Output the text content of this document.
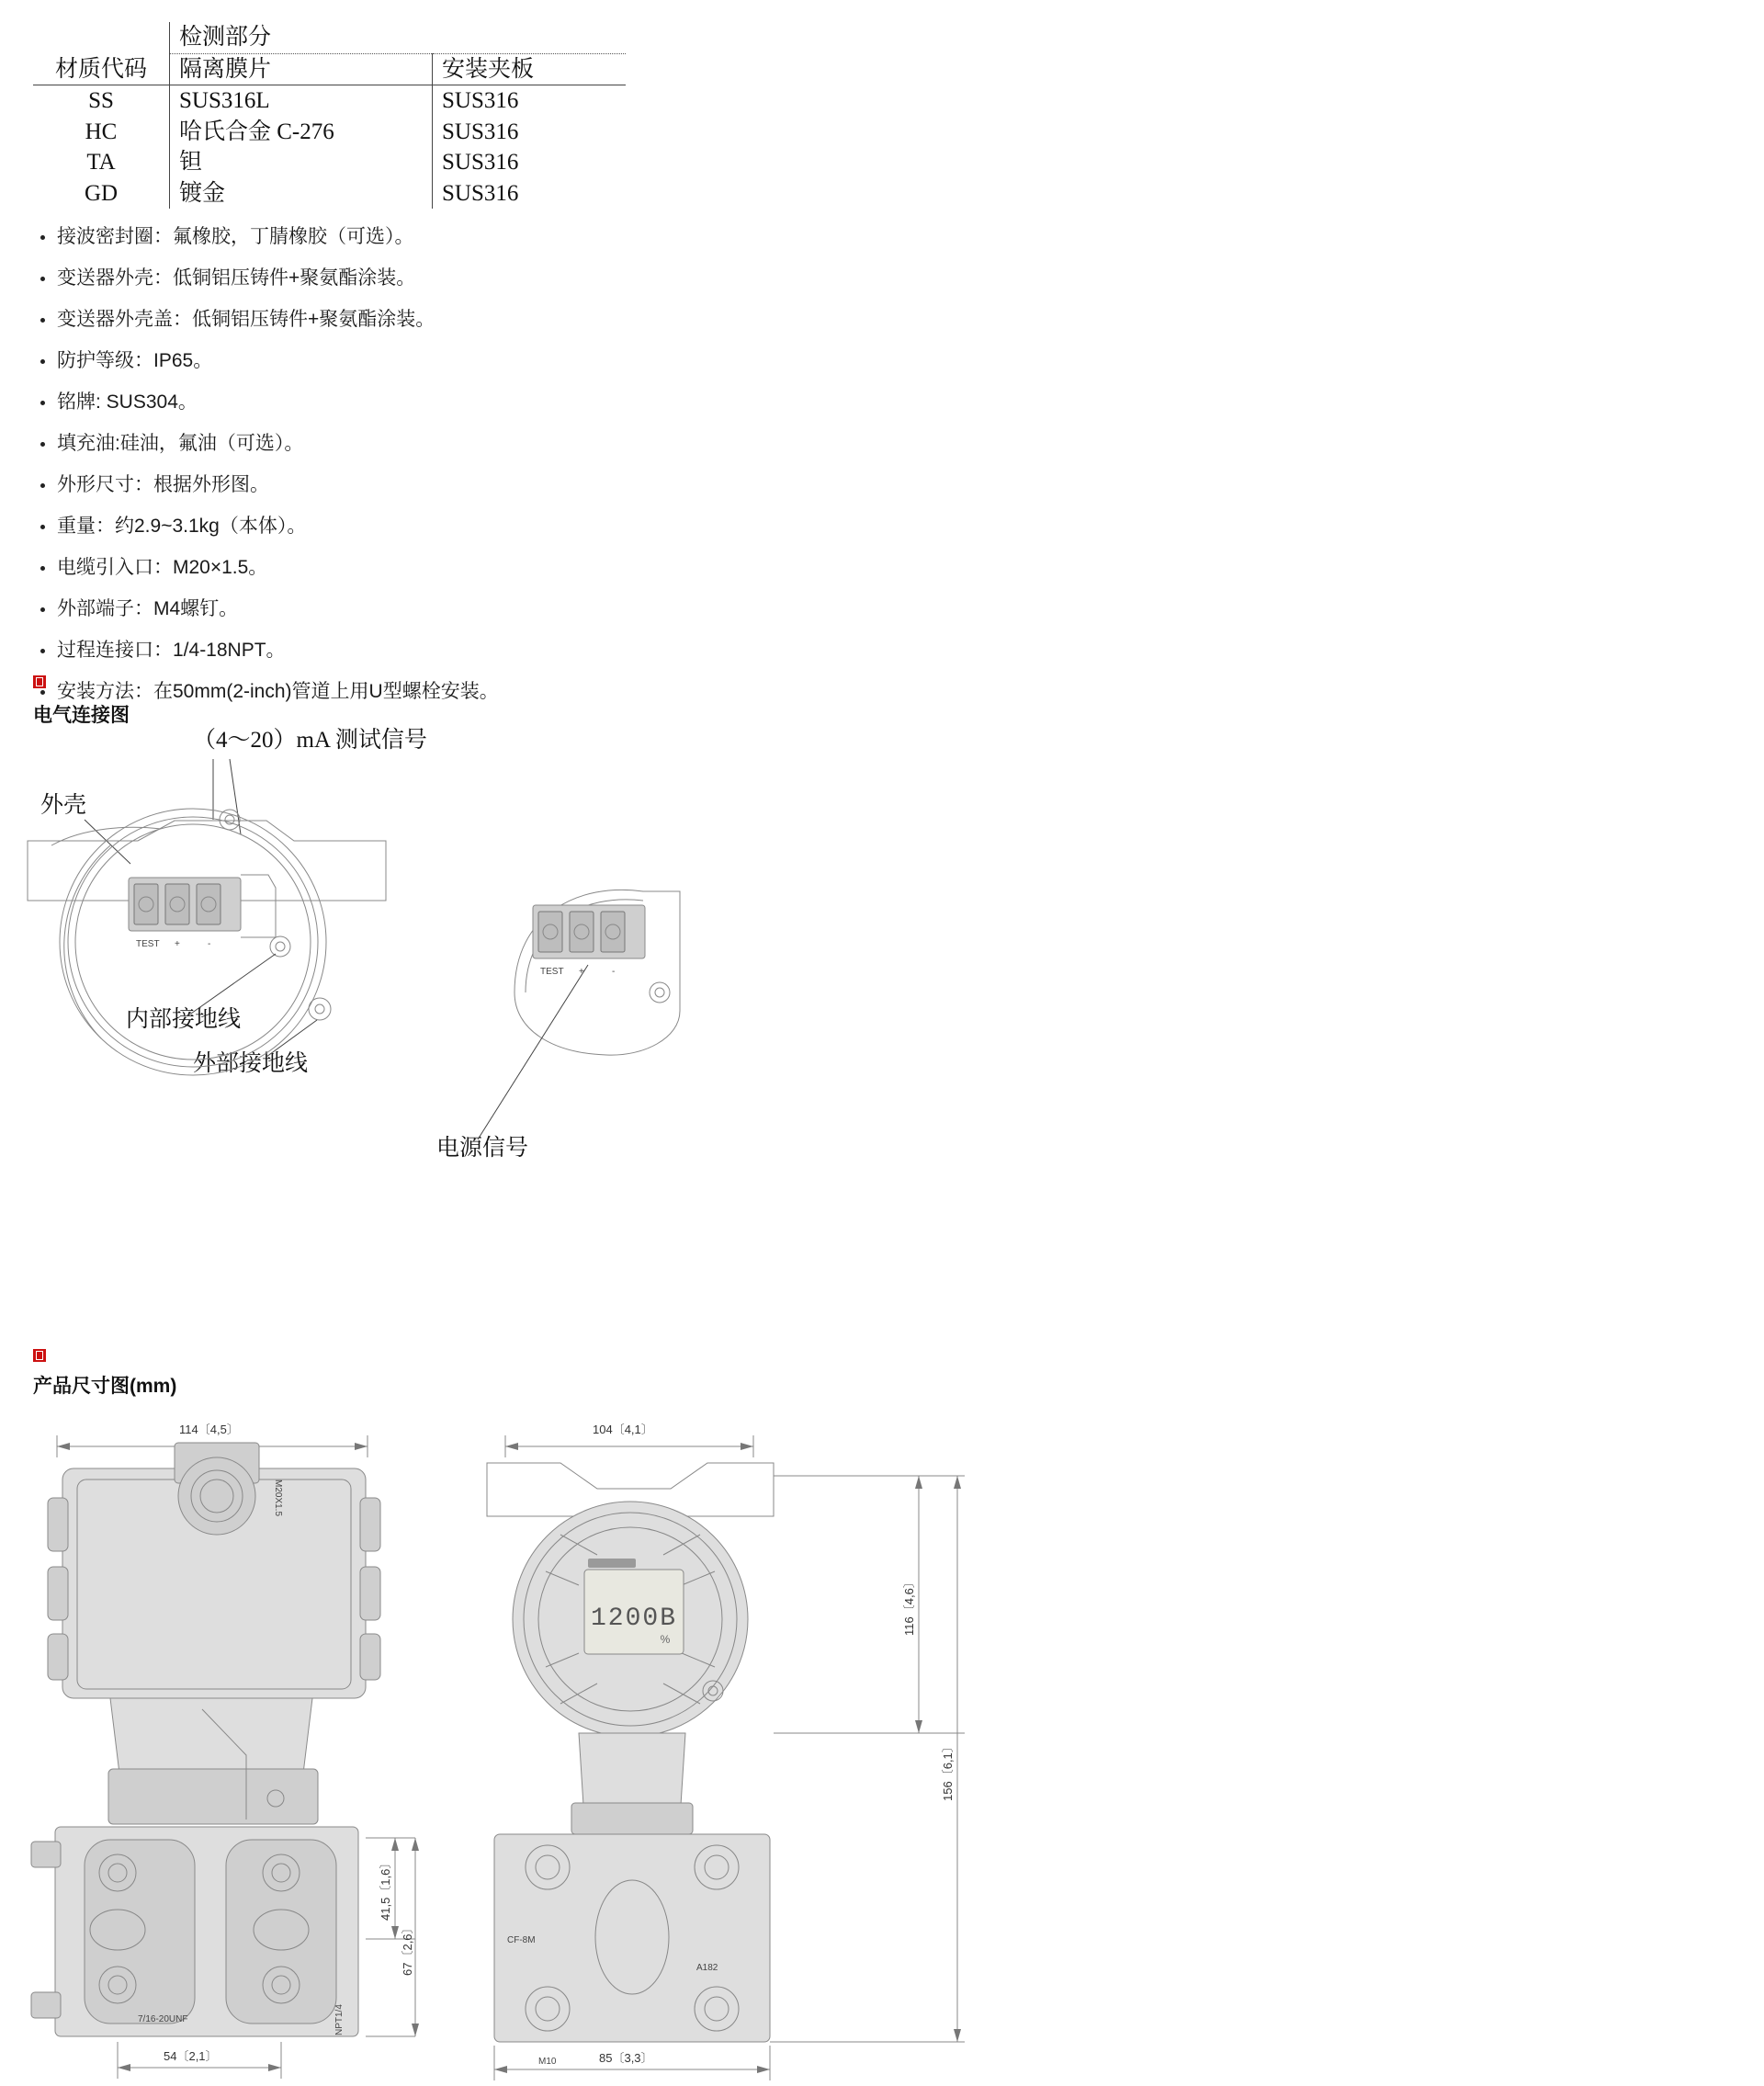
材质代码	检测部分	
	隔离膜片	安装夹板
SS	SUS316L	SUS316
HC	哈氏合金 C-276	SUS316
TA	钽	SUS316
GD	镀金	SUS316
接波密封圈：氟橡胶，丁腈橡胶（可选）。
变送器外壳：低铜铝压铸件+聚氨酯涂装。
变送器外壳盖：低铜铝压铸件+聚氨酯涂装。
防护等级：IP65。
铭牌: SUS304。
填充油:硅油，氟油（可选）。
外形尺寸：根据外形图。
重量：约2.9~3.1kg（本体）。
电缆引入口：M20×1.5。
外部端子：M4螺钉。
过程连接口：1/4-18NPT。
安装方法：在50mm(2-inch)管道上用U型螺栓安装。
电气连接图
（4～20）mA 测试信号
外壳
内部接地线
外部接地线
电源信号
TEST +	-
TEST +	-
产品尺寸图(mm)
114〔4,5〕
M20X1.5
41,5〔1,6〕
67〔2,6〕
7/16-20UNF	NPT1/4
54〔2,1〕
104〔4,1〕
1200B
%
CF-8M
A182
M10
116〔4,6〕
156〔6,1〕
85〔3,3〕
